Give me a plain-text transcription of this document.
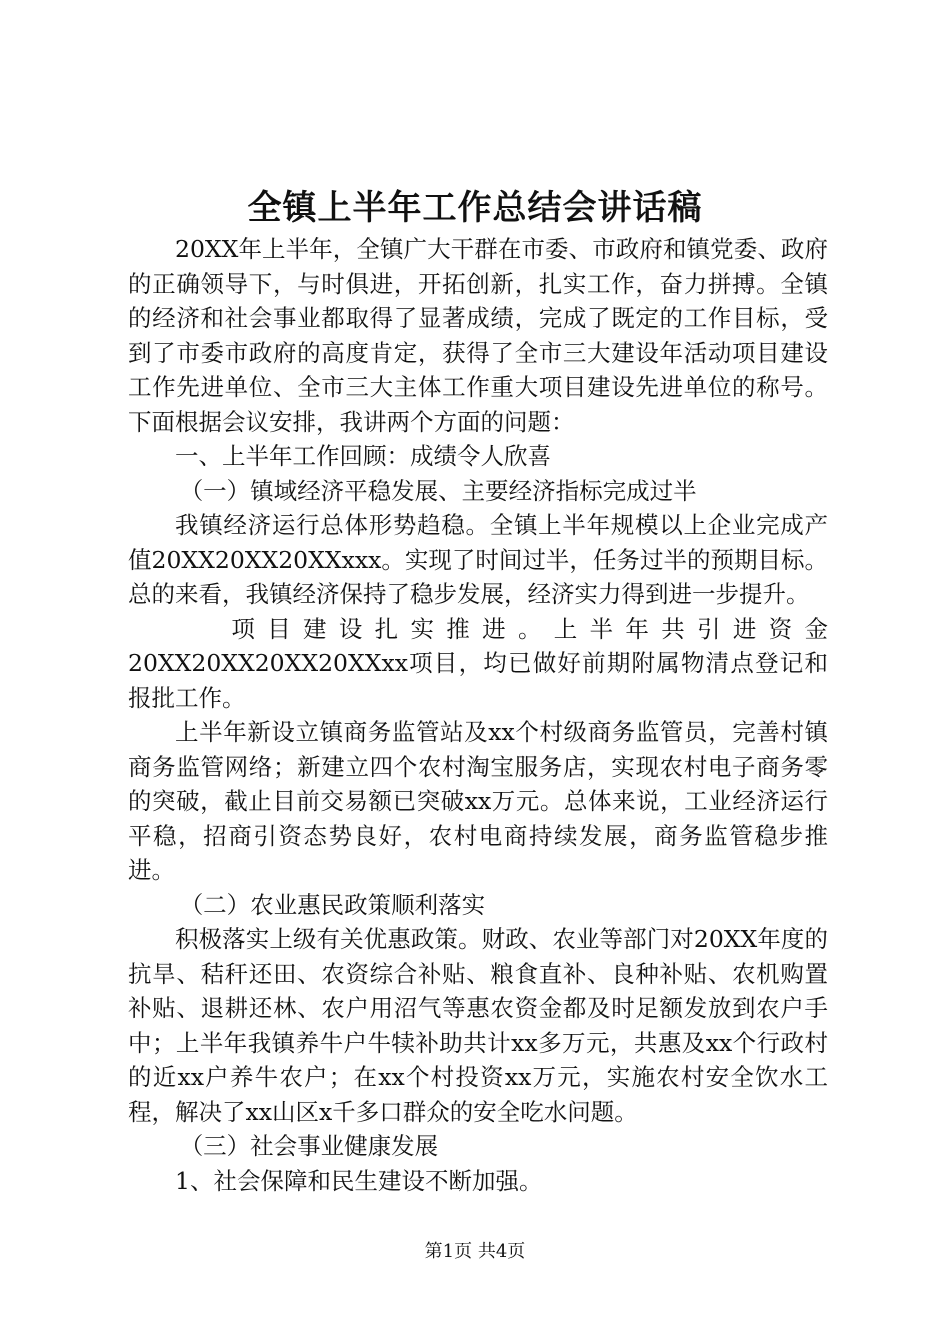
全镇上半年工作总结会讲话稿

20XX年上半年，全镇广大干群在市委、市政府和镇党委、政府的正确领导下，与时俱进，开拓创新，扎实工作，奋力拼搏。全镇的经济和社会事业都取得了显著成绩，完成了既定的工作目标，受到了市委市政府的高度肯定，获得了全市三大建设年活动项目建设工作先进单位、全市三大主体工作重大项目建设先进单位的称号。下面根据会议安排，我讲两个方面的问题：

一、上半年工作回顾：成绩令人欣喜

（一）镇域经济平稳发展、主要经济指标完成过半

我镇经济运行总体形势趋稳。全镇上半年规模以上企业完成产值20XX20XX20XXxxx。实现了时间过半，任务过半的预期目标。总的来看，我镇经济保持了稳步发展，经济实力得到进一步提升。

项目建设扎实推进。上半年共引进资金20XX20XX20XX20XXxx项目，均已做好前期附属物清点登记和报批工作。

上半年新设立镇商务监管站及xx个村级商务监管员，完善村镇商务监管网络；新建立四个农村淘宝服务店，实现农村电子商务零的突破，截止目前交易额已突破xx万元。总体来说，工业经济运行平稳，招商引资态势良好，农村电商持续发展，商务监管稳步推进。

（二）农业惠民政策顺利落实

积极落实上级有关优惠政策。财政、农业等部门对20XX年度的抗旱、秸秆还田、农资综合补贴、粮食直补、良种补贴、农机购置补贴、退耕还林、农户用沼气等惠农资金都及时足额发放到农户手中；上半年我镇养牛户牛犊补助共计xx多万元，共惠及xx个行政村的近xx户养牛农户；在xx个村投资xx万元，实施农村安全饮水工程，解决了xx山区x千多口群众的安全吃水问题。

（三）社会事业健康发展

1、社会保障和民生建设不断加强。

第1页 共4页
